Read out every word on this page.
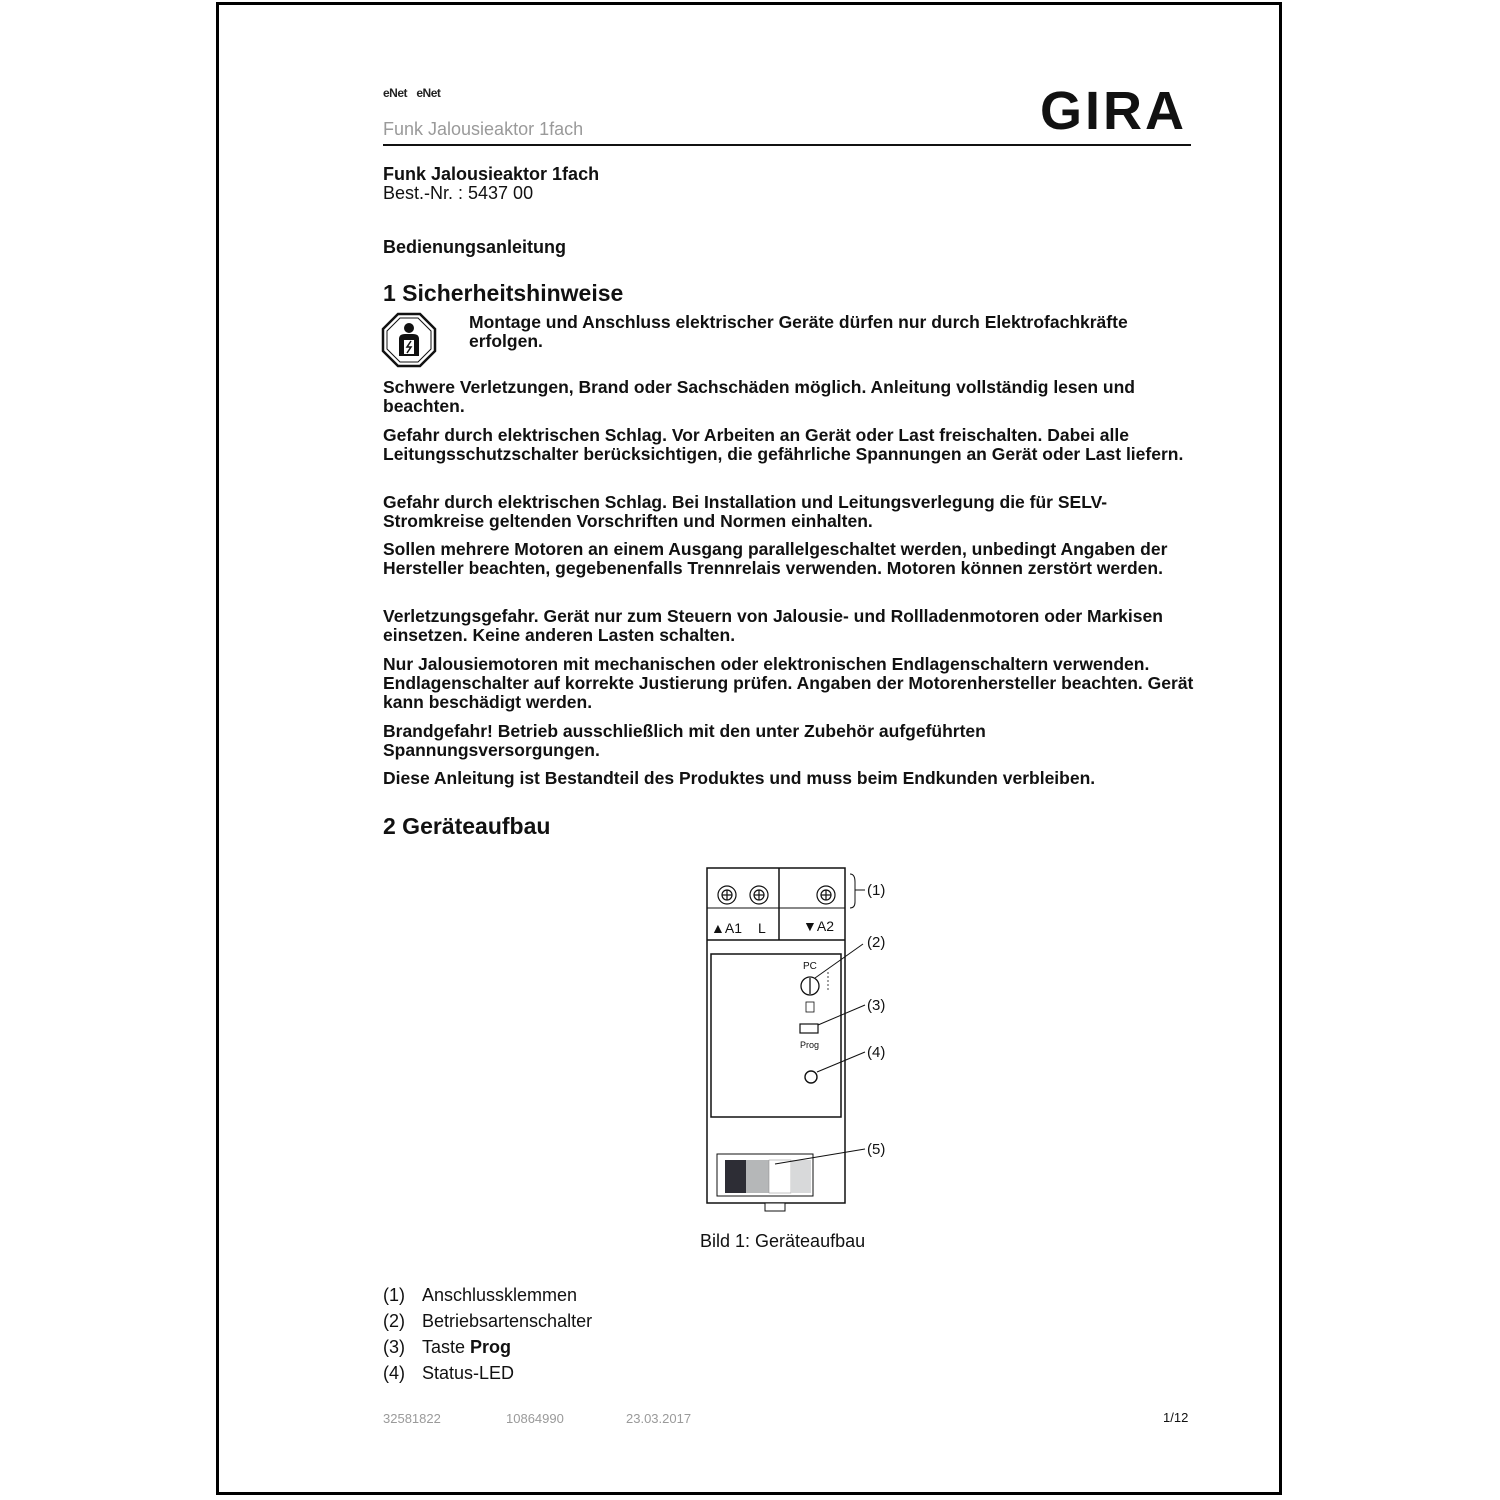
eNet eNet
Funk Jalousieaktor 1fach	GIRA
Funk Jalousieaktor 1fach
Best.-Nr. : 5437 00
Bedienungsanleitung
1 Sicherheitshinweise
Montage und Anschluss elektrischer Geräte dürfen nur durch Elektrofachkräfte erfolgen.
Schwere Verletzungen, Brand oder Sachschäden möglich. Anleitung vollständig lesen und beachten.
Gefahr durch elektrischen Schlag. Vor Arbeiten an Gerät oder Last freischalten. Dabei alle Leitungsschutzschalter berücksichtigen, die gefährliche Spannungen an Gerät oder Last liefern.
Gefahr durch elektrischen Schlag. Bei Installation und Leitungsverlegung die für SELV-Stromkreise geltenden Vorschriften und Normen einhalten.
Sollen mehrere Motoren an einem Ausgang parallelgeschaltet werden, unbedingt Angaben der Hersteller beachten, gegebenenfalls Trennrelais verwenden. Motoren können zerstört werden.
Verletzungsgefahr. Gerät nur zum Steuern von Jalousie- und Rollladenmotoren oder Markisen einsetzen. Keine anderen Lasten schalten.
Nur Jalousiemotoren mit mechanischen oder elektronischen Endlagenschaltern verwenden. Endlagenschalter auf korrekte Justierung prüfen. Angaben der Motorenhersteller beachten. Gerät kann beschädigt werden.
Brandgefahr! Betrieb ausschließlich mit den unter Zubehör aufgeführten Spannungsversorgungen.
Diese Anleitung ist Bestandteil des Produktes und muss beim Endkunden verbleiben.
2 Geräteaufbau
▲A1 L	▼A2
PC
Prog
(1)
(2)
(3)
(4)
(5)
Bild 1: Geräteaufbau
(1) Anschlussklemmen
(2) Betriebsartenschalter
(3) Taste Prog
(4) Status-LED
32581822	10864990	23.03.2017	1/12
